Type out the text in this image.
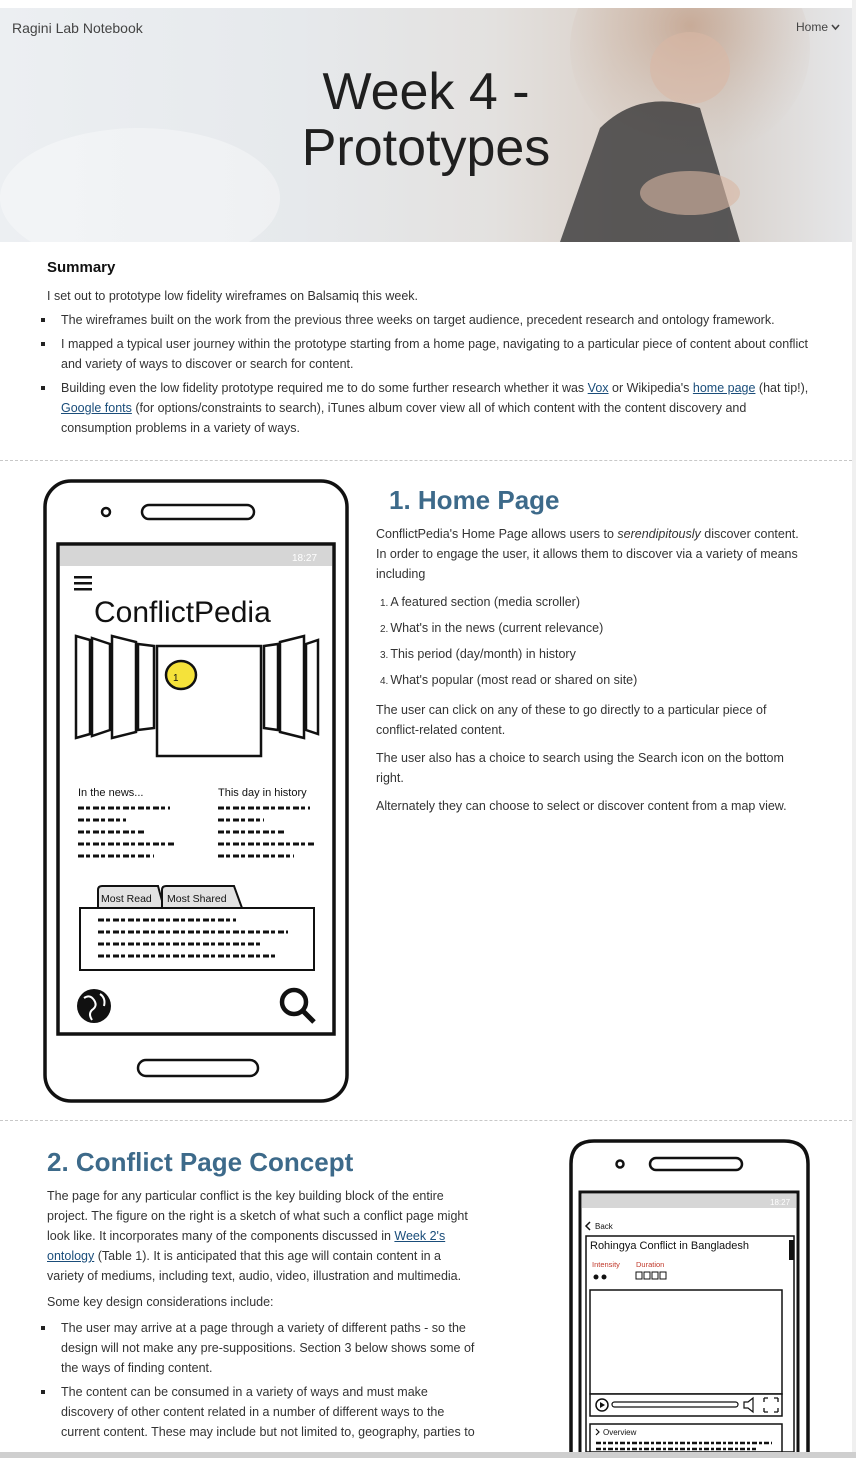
Ragini Lab Notebook	Home
Week 4 -
Prototypes
Summary

I set out to prototype low fidelity wireframes on Balsamiq this week.

The wireframes built on the work from the previous three weeks on target audience, precedent research and ontology framework.
I mapped a typical user journey within the prototype starting from a home page, navigating to a particular piece of content about conflict and variety of ways to discover or search for content.
Building even the low fidelity prototype required me to do some further research whether it was Vox or Wikipedia's home page (hat tip!), Google fonts (for options/constraints to search), iTunes album cover view all of which content with the content discovery and consumption problems in a variety of ways.
18:27
ConflictPedia
1
In the news...	This day in history
Most Read Most Shared
1. Home Page

ConflictPedia's Home Page allows users to serendipitously discover content. In order to engage the user, it allows them to discover via a variety of means including

1. A featured section (media scroller)
2. What's in the news (current relevance)
3. This period (day/month) in history
4. What's popular (most read or shared on site)

The user can click on any of these to go directly to a particular piece of conflict-related content.

The user also has a choice to search using the Search icon on the bottom right.

Alternately they can choose to select or discover content from a map view.

2. Conflict Page Concept

The page for any particular conflict is the key building block of the entire project. The figure on the right is a sketch of what such a conflict page might look like. It incorporates many of the components discussed in Week 2's ontology (Table 1). It is anticipated that this age will contain content in a variety of mediums, including text, audio, video, illustration and multimedia.

Some key design considerations include:

The user may arrive at a page through a variety of different paths - so the design will not make any pre-suppositions. Section 3 below shows some of the ways of finding content.
The content can be consumed in a variety of ways and must make discovery of other content related in a number of different ways to the current content. These may include but not limited to, geography, parties to
18:27
Back
Rohingya Conflict in Bangladesh
Intensity Duration
Overview
